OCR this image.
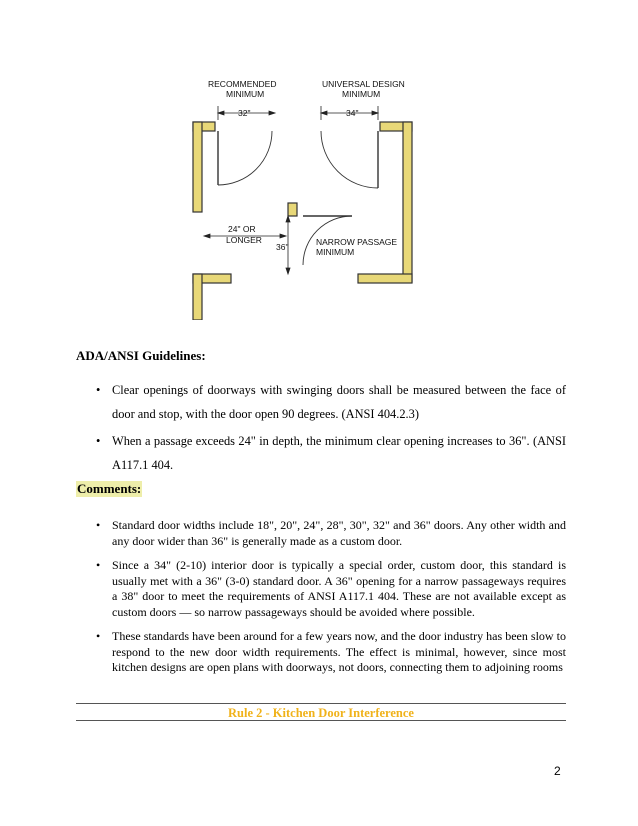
RECOMMENDED
MINIMUM
32"
UNIVERSAL DESIGN
MINIMUM
34"
24" OR
LONGER
36"	NARROW PASSAGE
MINIMUM
ADA/ANSI Guidelines:
• Clear openings of doorways with swinging doors shall be measured between the face of door and stop, with the door open 90 degrees. (ANSI 404.2.3)
• When a passage exceeds 24" in depth, the minimum clear opening increases to 36". (ANSI A117.1 404.
Comments:
• Standard door widths include 18", 20", 24", 28", 30", 32" and 36" doors. Any other width and any door wider than 36" is generally made as a custom door.
• Since a 34" (2-10) interior door is typically a special order, custom door, this standard is usually met with a 36" (3-0) standard door. A 36" opening for a narrow passageways requires a 38" door to meet the requirements of ANSI A117.1 404. These are not available except as custom doors — so narrow passageways should be avoided where possible.
• These standards have been around for a few years now, and the door industry has been slow to respond to the new door width requirements. The effect is minimal, however, since most kitchen designs are open plans with doorways, not doors, connecting them to adjoining rooms
Rule 2 - Kitchen Door Interference
2
